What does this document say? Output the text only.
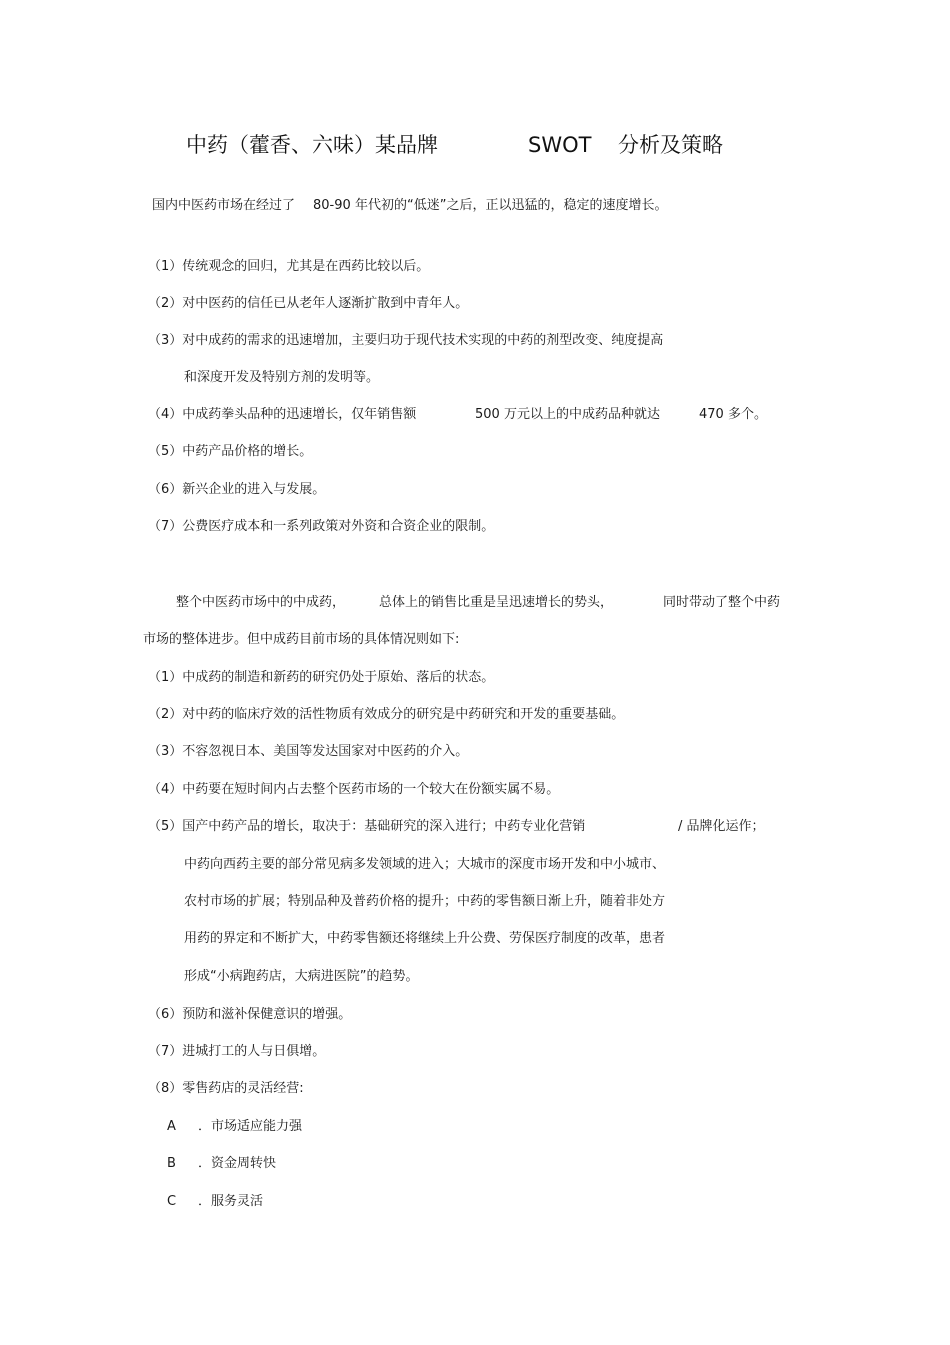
中药（藿香、六味）某品牌	SWOT 分析及策略
国内中医药市场在经过了 80-90 年代初的“低迷”之后，正以迅猛的，稳定的速度增长。
（1）传统观念的回归，尤其是在西药比较以后。
（2）对中医药的信任已从老年人逐渐扩散到中青年人。
（3）对中成药的需求的迅速增加，主要归功于现代技术实现的中药的剂型改变、纯度提高
和深度开发及特别方剂的发明等。
（4）中成药拳头品种的迅速增长，仅年销售额	500 万元以上的中成药品种就达	470 多个。
（5）中药产品价格的增长。
（6）新兴企业的进入与发展。
（7）公费医疗成本和一系列政策对外资和合资企业的限制。
整个中医药市场中的中成药，	总体上的销售比重是呈迅速增长的势头，	同时带动了整个中药
市场的整体进步。但中成药目前市场的具体情况则如下:
（1）中成药的制造和新药的研究仍处于原始、落后的状态。
（2）对中药的临床疗效的活性物质有效成分的研究是中药研究和开发的重要基础。
（3）不容忽视日本、美国等发达国家对中医药的介入。
（4）中药要在短时间内占去整个医药市场的一个较大在份额实属不易。
（5）国产中药产品的增长，取决于：基础研究的深入进行；中药专业化营销	/ 品牌化运作；
中药向西药主要的部分常见病多发领域的进入；大城市的深度市场开发和中小城市、
农村市场的扩展；特别品种及普药价格的提升；中药的零售额日渐上升，随着非处方
用药的界定和不断扩大，中药零售额还将继续上升公费、劳保医疗制度的改革，患者
形成“小病跑药店，大病进医院”的趋势。
（6）预防和滋补保健意识的增强。
（7）进城打工的人与日俱增。
（8）零售药店的灵活经营:
A ．市场适应能力强
B ．资金周转快
C ．服务灵活
